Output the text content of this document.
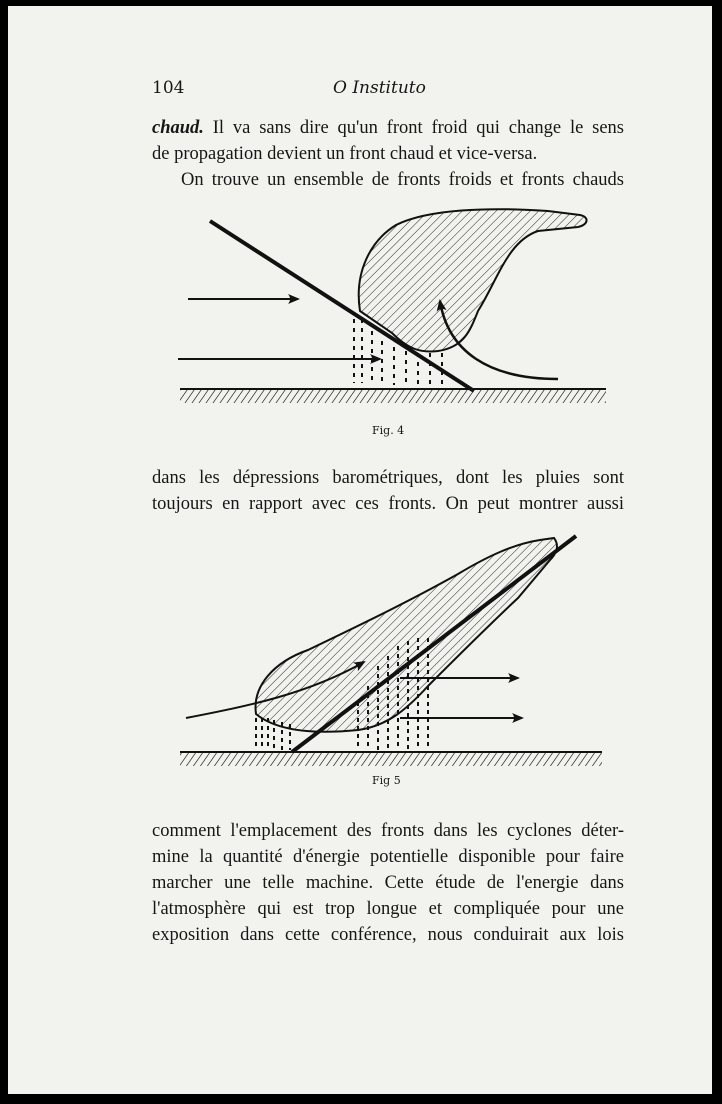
104	O Instituto
chaud. Il va sans dire qu'un front froid qui change le sens
de propagation devient un front chaud et vice-versa.
On trouve un ensemble de fronts froids et fronts chauds
Fig. 4
dans les dépressions barométriques, dont les pluies sont
toujours en rapport avec ces fronts. On peut montrer aussi
Fig 5
comment l'emplacement des fronts dans les cyclones déter-
mine la quantité d'énergie potentielle disponible pour faire
marcher une telle machine. Cette étude de l'energie dans
l'atmosphère qui est trop longue et compliquée pour une
exposition dans cette conférence, nous conduirait aux lois
